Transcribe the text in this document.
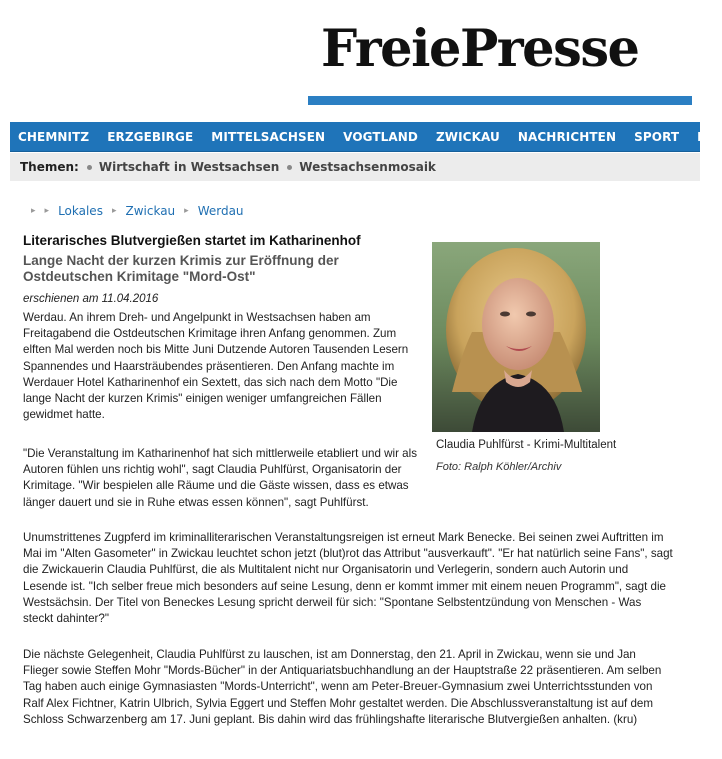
FreiePresse
CHEMNITZ ERZGEBIRGE MITTELSACHSEN VOGTLAND ZWICKAU NACHRICHTEN SPORT MEI
Themen: Wirtschaft in Westsachsen Westsachsenmosaik
▸ ▸ Lokales ▸ Zwickau ▸ Werdau
Literarisches Blutvergießen startet im Katharinenhof
Lange Nacht der kurzen Krimis zur Eröffnung der Ostdeutschen Krimitage "Mord-Ost"
erschienen am 11.04.2016
Claudia Puhlfürst - Krimi-Multitalent
Foto: Ralph Köhler/Archiv

Werdau. An ihrem Dreh- und Angelpunkt in Westsachsen haben am Freitagabend die Ostdeutschen Krimitage ihren Anfang genommen. Zum elften Mal werden noch bis Mitte Juni Dutzende Autoren Tausenden Lesern Spannendes und Haarsträubendes präsentieren. Den Anfang machte im Werdauer Hotel Katharinenhof ein Sextett, das sich nach dem Motto "Die lange Nacht der kurzen Krimis" einigen weniger umfangreichen Fällen gewidmet hatte.

"Die Veranstaltung im Katharinenhof hat sich mittlerweile etabliert und wir als Autoren fühlen uns richtig wohl", sagt Claudia Puhlfürst, Organisatorin der Krimitage. "Wir bespielen alle Räume und die Gäste wissen, dass es etwas länger dauert und sie in Ruhe etwas essen können", sagt Puhlfürst.

Unumstrittenes Zugpferd im kriminalliterarischen Veranstaltungsreigen ist erneut Mark Benecke. Bei seinen zwei Auftritten im Mai im "Alten Gasometer" in Zwickau leuchtet schon jetzt (blut)rot das Attribut "ausverkauft". "Er hat natürlich seine Fans", sagt die Zwickauerin Claudia Puhlfürst, die als Multitalent nicht nur Organisatorin und Verlegerin, sondern auch Autorin und Lesende ist. "Ich selber freue mich besonders auf seine Lesung, denn er kommt immer mit einem neuen Programm", sagt die Westsächsin. Der Titel von Beneckes Lesung spricht derweil für sich: "Spontane Selbstentzündung von Menschen - Was steckt dahinter?"

Die nächste Gelegenheit, Claudia Puhlfürst zu lauschen, ist am Donnerstag, den 21. April in Zwickau, wenn sie und Jan Flieger sowie Steffen Mohr "Mords-Bücher" in der Antiquariatsbuchhandlung an der Hauptstraße 22 präsentieren. Am selben Tag haben auch einige Gymnasiasten "Mords-Unterricht", wenn am Peter-Breuer-Gymnasium zwei Unterrichtsstunden von Ralf Alex Fichtner, Katrin Ulbrich, Sylvia Eggert und Steffen Mohr gestaltet werden. Die Abschlussveranstaltung ist auf dem Schloss Schwarzenberg am 17. Juni geplant. Bis dahin wird das frühlingshafte literarische Blutvergießen anhalten. (kru)
